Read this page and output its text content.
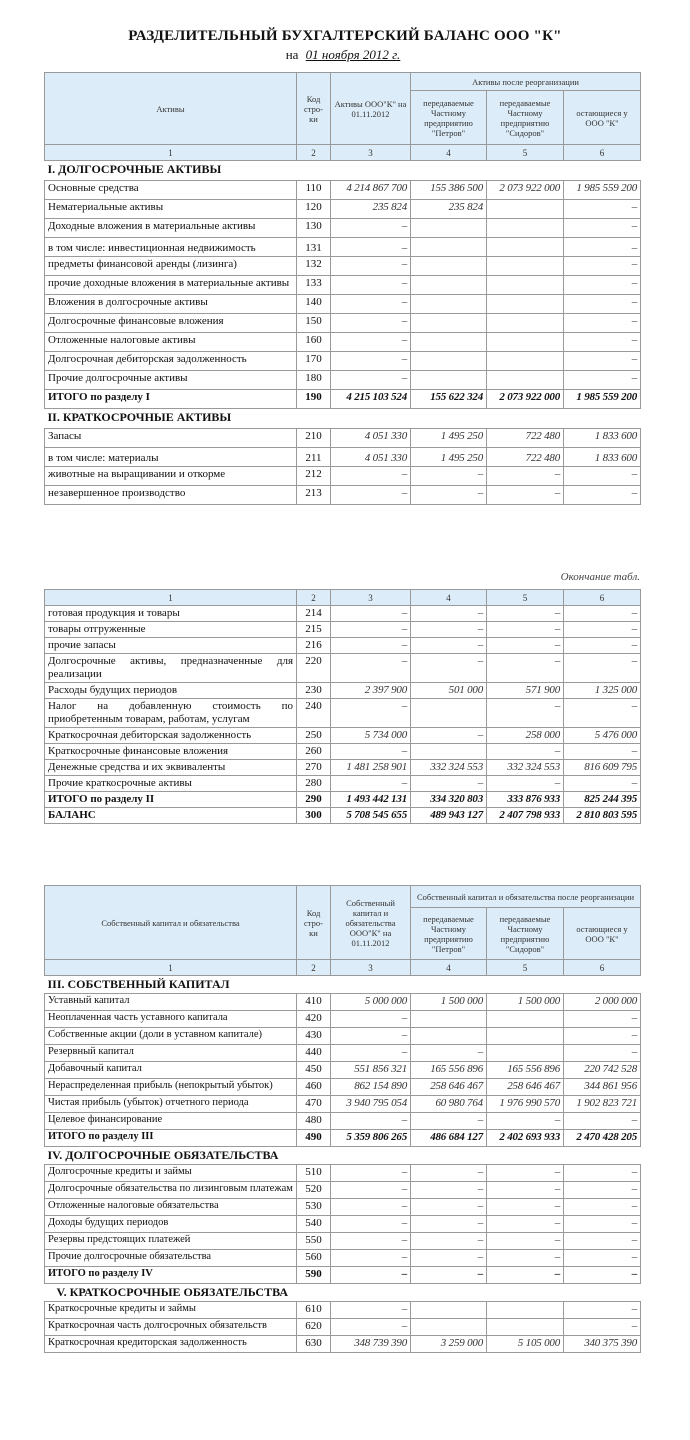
РАЗДЕЛИТЕЛЬНЫЙ БУХГАЛТЕРСКИЙ БАЛАНС ООО "К"
на 01 ноября 2012 г.
Активы	Код стро-ки	Активы ООО"К" на 01.11.2012	Активы после реорганизации		
			передаваемые Частному предприятию "Петров"	передаваемые Частному предприятию "Сидоров"	остающиеся у ООО "К"
1	2	3	4	5	6
I. ДОЛГОСРОЧНЫЕ АКТИВЫ					
Основные средства	110	4 214 867 700	155 386 500	2 073 922 000	1 985 559 200
Нематериальные активы	120	235 824	235 824		–
Доходные вложения в материальные активы	130	–			–
в том числе: инвестиционная недвижимость	131	–			–
предметы финансовой аренды (лизинга)	132	–			–
прочие доходные вложения в материальные активы	133	–			–
Вложения в долгосрочные активы	140	–			–
Долгосрочные финансовые вложения	150	–			–
Отложенные налоговые активы	160	–			–
Долгосрочная дебиторская задолженность	170	–			–
Прочие долгосрочные активы	180	–			–
ИТОГО по разделу I	190	4 215 103 524	155 622 324	2 073 922 000	1 985 559 200
II. КРАТКОСРОЧНЫЕ АКТИВЫ					
Запасы	210	4 051 330	1 495 250	722 480	1 833 600
в том числе: материалы	211	4 051 330	1 495 250	722 480	1 833 600
животные на выращивании и откорме	212	–	–	–	–
незавершенное производство	213	–	–	–	–
Окончание табл.
1	2	3	4	5	6
готовая продукция и товары	214	–	–	–	–
товары отгруженные	215	–	–	–	–
прочие запасы	216	–	–	–	–
Долгосрочные активы, предназначенные для реализации	220	–	–	–	–
Расходы будущих периодов	230	2 397 900	501 000	571 900	1 325 000
Налог на добавленную стоимость по приобретенным товарам, работам, услугам	240	–		–	–
Краткосрочная дебиторская задолженность	250	5 734 000	–	258 000	5 476 000
Краткосрочные финансовые вложения	260	–		–	–
Денежные средства и их эквиваленты	270	1 481 258 901	332 324 553	332 324 553	816 609 795
Прочие краткосрочные активы	280	–	–	–	–
ИТОГО по разделу II	290	1 493 442 131	334 320 803	333 876 933	825 244 395
БАЛАНС	300	5 708 545 655	489 943 127	2 407 798 933	2 810 803 595
Собственный капитал и обязательства	Код стро-ки	Собственный капитал и обязательства ООО"К" на 01.11.2012	Собственный капитал и обязательства после реорганизации		
			передаваемые Частному предприятию "Петров"	передаваемые Частному предприятию "Сидоров"	остающиеся у ООО "К"
1	2	3	4	5	6
III. СОБСТВЕННЫЙ КАПИТАЛ					
Уставный капитал	410	5 000 000	1 500 000	1 500 000	2 000 000
Неоплаченная часть уставного капитала	420	–			–
Собственные акции (доли в уставном капитале)	430	–			–
Резервный капитал	440	–	–		–
Добавочный капитал	450	551 856 321	165 556 896	165 556 896	220 742 528
Нераспределенная прибыль (непокрытый убыток)	460	862 154 890	258 646 467	258 646 467	344 861 956
Чистая прибыль (убыток) отчетного периода	470	3 940 795 054	60 980 764	1 976 990 570	1 902 823 721
Целевое финансирование	480	–	–	–	–
ИТОГО по разделу III	490	5 359 806 265	486 684 127	2 402 693 933	2 470 428 205
IV. ДОЛГОСРОЧНЫЕ ОБЯЗАТЕЛЬСТВА					
Долгосрочные кредиты и займы	510	–	–	–	–
Долгосрочные обязательства по лизинговым платежам	520	–	–	–	–
Отложенные налоговые обязательства	530	–	–	–	–
Доходы будущих периодов	540	–	–	–	–
Резервы предстоящих платежей	550	–	–	–	–
Прочие долгосрочные обязательства	560	–	–	–	–
ИТОГО по разделу IV	590	–	–	–	–
V. КРАТКОСРОЧНЫЕ ОБЯЗАТЕЛЬСТВА					
Краткосрочные кредиты и займы	610	–			–
Краткосрочная часть долгосрочных обязательств	620	–			–
Краткосрочная кредиторская задолженность	630	348 739 390	3 259 000	5 105 000	340 375 390
